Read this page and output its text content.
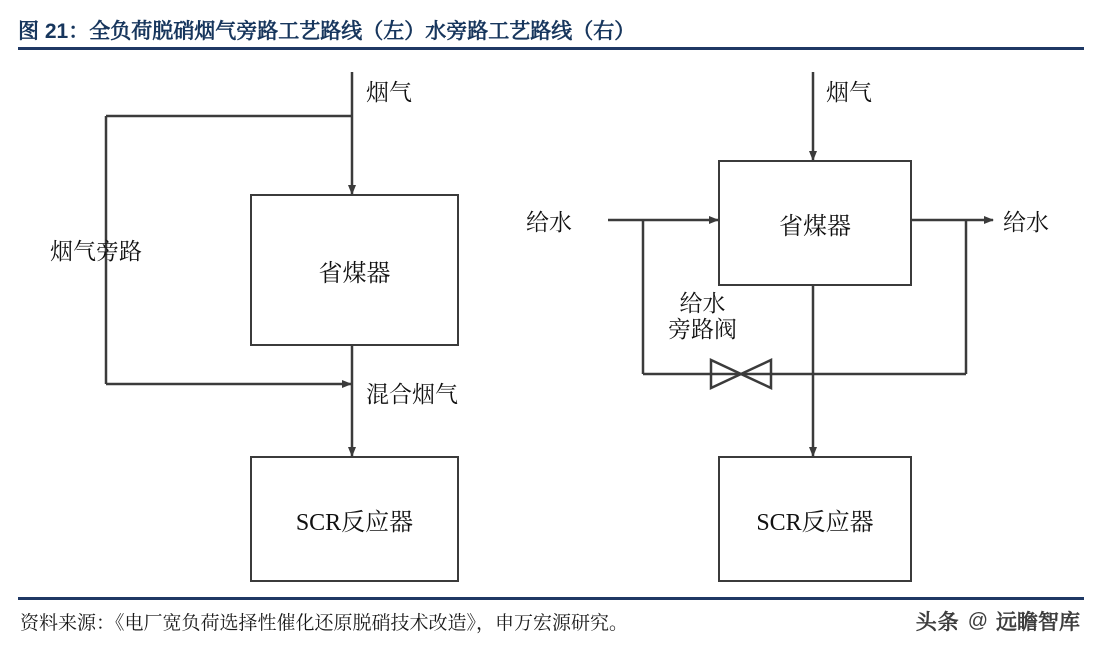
图 21：全负荷脱硝烟气旁路工艺路线（左）水旁路工艺路线（右）
烟气
烟气旁路
省煤器
混合烟气
SCR反应器
烟气
给水	给水
省煤器
给水
旁路阀
SCR反应器
资料来源：《电厂宽负荷选择性催化还原脱硝技术改造》，申万宏源研究。	头条 @ 远瞻智库
